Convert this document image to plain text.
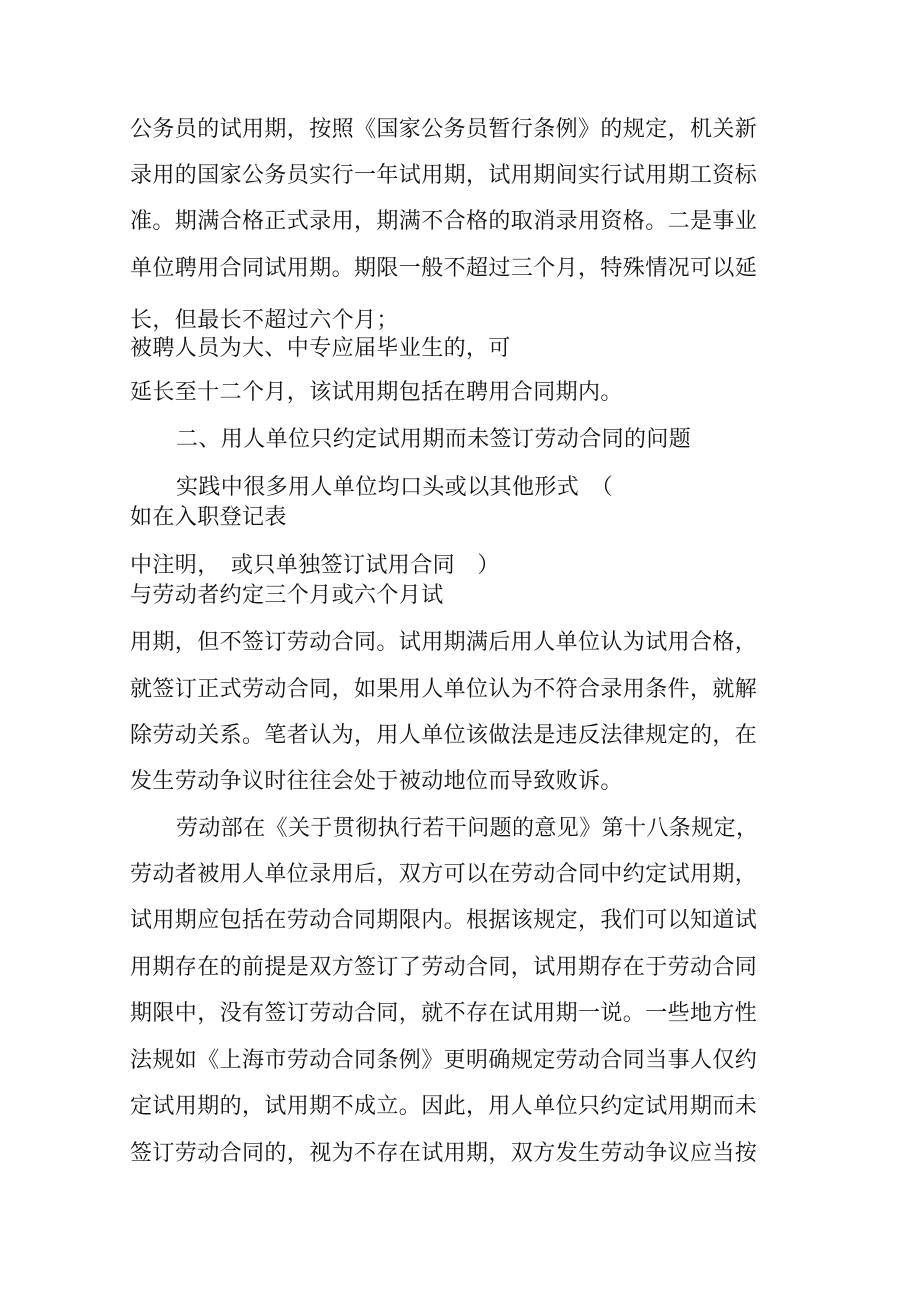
公务员的试用期，按照《国家公务员暂行条例》的规定，机关新
录用的国家公务员实行一年试用期，试用期间实行试用期工资标
准。期满合格正式录用，期满不合格的取消录用资格。二是事业
单位聘用合同试用期。期限一般不超过三个月，特殊情况可以延
长，但最长不超过六个月；
被聘人员为大、中专应届毕业生的，可
延长至十二个月，该试用期包括在聘用合同期内。
二、用人单位只约定试用期而未签订劳动合同的问题
实践中很多用人单位均口头或以其他形式　（
如在入职登记表
中注明，　或只单独签订试用合同　）
与劳动者约定三个月或六个月试
用期，但不签订劳动合同。试用期满后用人单位认为试用合格，
就签订正式劳动合同，如果用人单位认为不符合录用条件，就解
除劳动关系。笔者认为，用人单位该做法是违反法律规定的，在
发生劳动争议时往往会处于被动地位而导致败诉。
劳动部在《关于贯彻执行若干问题的意见》第十八条规定，
劳动者被用人单位录用后，双方可以在劳动合同中约定试用期，
试用期应包括在劳动合同期限内。根据该规定，我们可以知道试
用期存在的前提是双方签订了劳动合同，试用期存在于劳动合同
期限中，没有签订劳动合同，就不存在试用期一说。一些地方性
法规如《上海市劳动合同条例》更明确规定劳动合同当事人仅约
定试用期的，试用期不成立。因此，用人单位只约定试用期而未
签订劳动合同的，视为不存在试用期，双方发生劳动争议应当按
